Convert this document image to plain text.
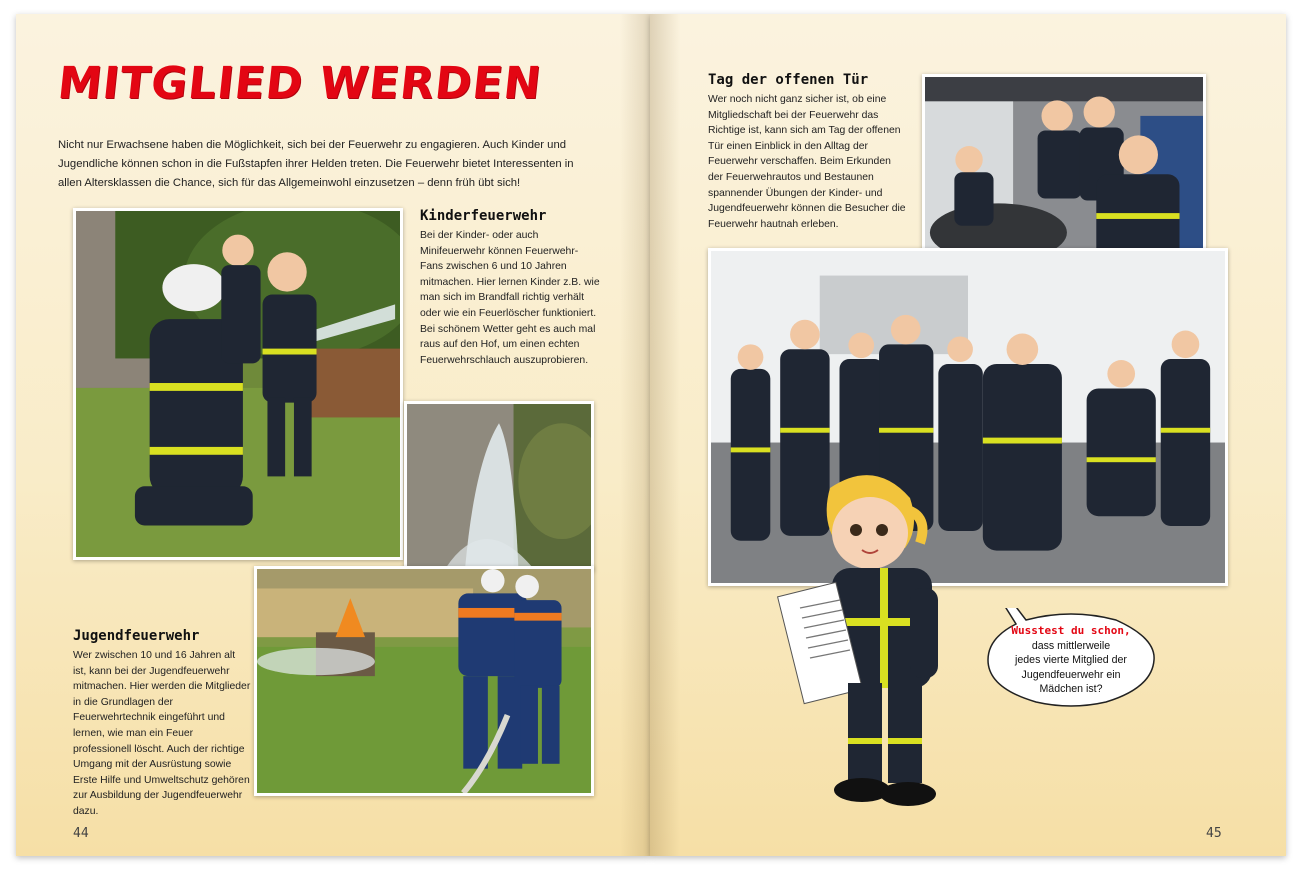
MITGLIED WERDEN
Nicht nur Erwachsene haben die Möglichkeit, sich bei der Feuerwehr zu engagieren. Auch Kinder und Jugendliche können schon in die Fußstapfen ihrer Helden treten. Die Feuerwehr bietet Interessenten in allen Altersklassen die Chance, sich für das Allgemeinwohl einzusetzen – denn früh übt sich!
Kinderfeuerwehr
Bei der Kinder- oder auch Minifeuerwehr können Feuerwehr-Fans zwischen 6 und 10 Jahren mitmachen. Hier lernen Kinder z.B. wie man sich im Brandfall richtig verhält oder wie ein Feuerlöscher funktioniert. Bei schönem Wetter geht es auch mal raus auf den Hof, um einen echten Feuerwehrschlauch auszuprobieren.
Jugendfeuerwehr
Wer zwischen 10 und 16 Jahren alt ist, kann bei der Jugendfeuerwehr mitmachen. Hier werden die Mitglieder in die Grundlagen der Feuerwehrtechnik eingeführt und lernen, wie man ein Feuer professionell löscht. Auch der richtige Umgang mit der Ausrüstung sowie Erste Hilfe und Umweltschutz gehören zur Ausbildung der Jugendfeuerwehr dazu.
44
Tag der offenen Tür
Wer noch nicht ganz sicher ist, ob eine Mitgliedschaft bei der Feuerwehr das Richtige ist, kann sich am Tag der offenen Tür einen Einblick in den Alltag der Feuerwehr verschaffen. Beim Erkunden der Feuerwehrautos und Bestaunen spannender Übungen der Kinder- und Jugendfeuerwehr können die Besucher die Feuerwehr hautnah erleben.
Wusstest du schon,
dass mittlerweile
jedes vierte Mitglied der
Jugendfeuerwehr ein
Mädchen ist?
45
